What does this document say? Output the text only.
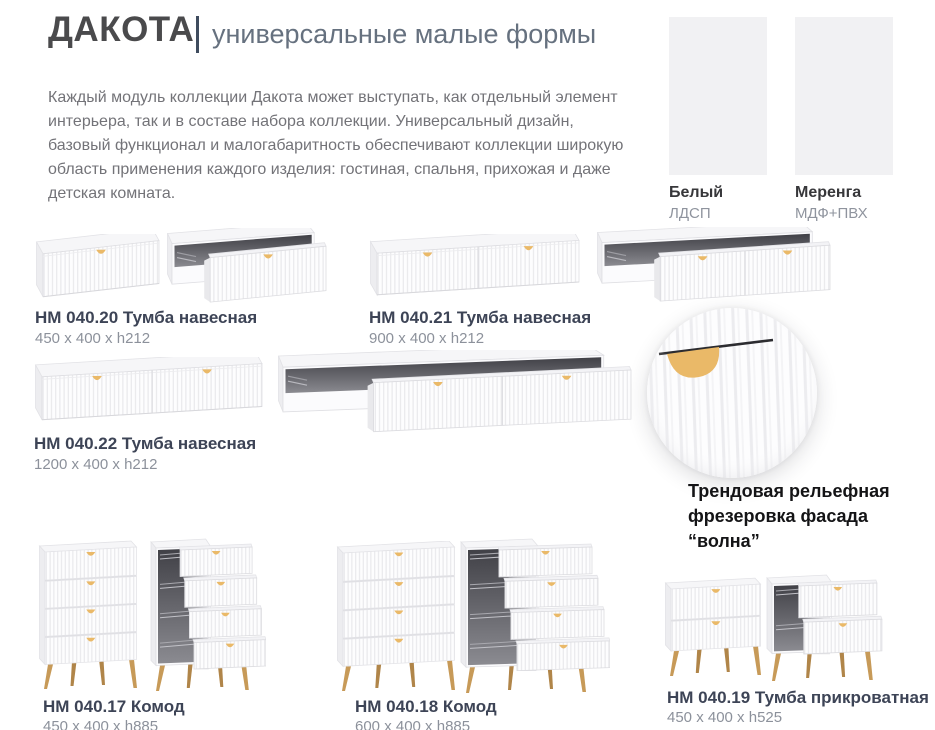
ДАКОТА универсальные малые формы
Каждый модуль коллекции Дакота может выступать, как отдельный элемент интерьера, так и в составе набора коллекции. Универсальный дизайн, базовый функционал и малогабаритность обеспечивают коллекции широкую область применения каждого изделия: гостиная, спальня, прихожая и даже детская комната.	Белый
ЛДСП
Меренга
МДФ+ПВХ
НМ 040.20 Тумба навесная
450 x 400 x h212
НМ 040.21 Тумба навесная
900 x 400 x h212
НМ 040.22 Тумба навесная
1200 x 400 x h212
Трендовая рельефная фрезеровка фасада “волна”
НМ 040.17 Комод
450 x 400 x h885
НМ 040.18 Комод
600 x 400 x h885
НМ 040.19 Тумба прикроватная
450 x 400 x h525
